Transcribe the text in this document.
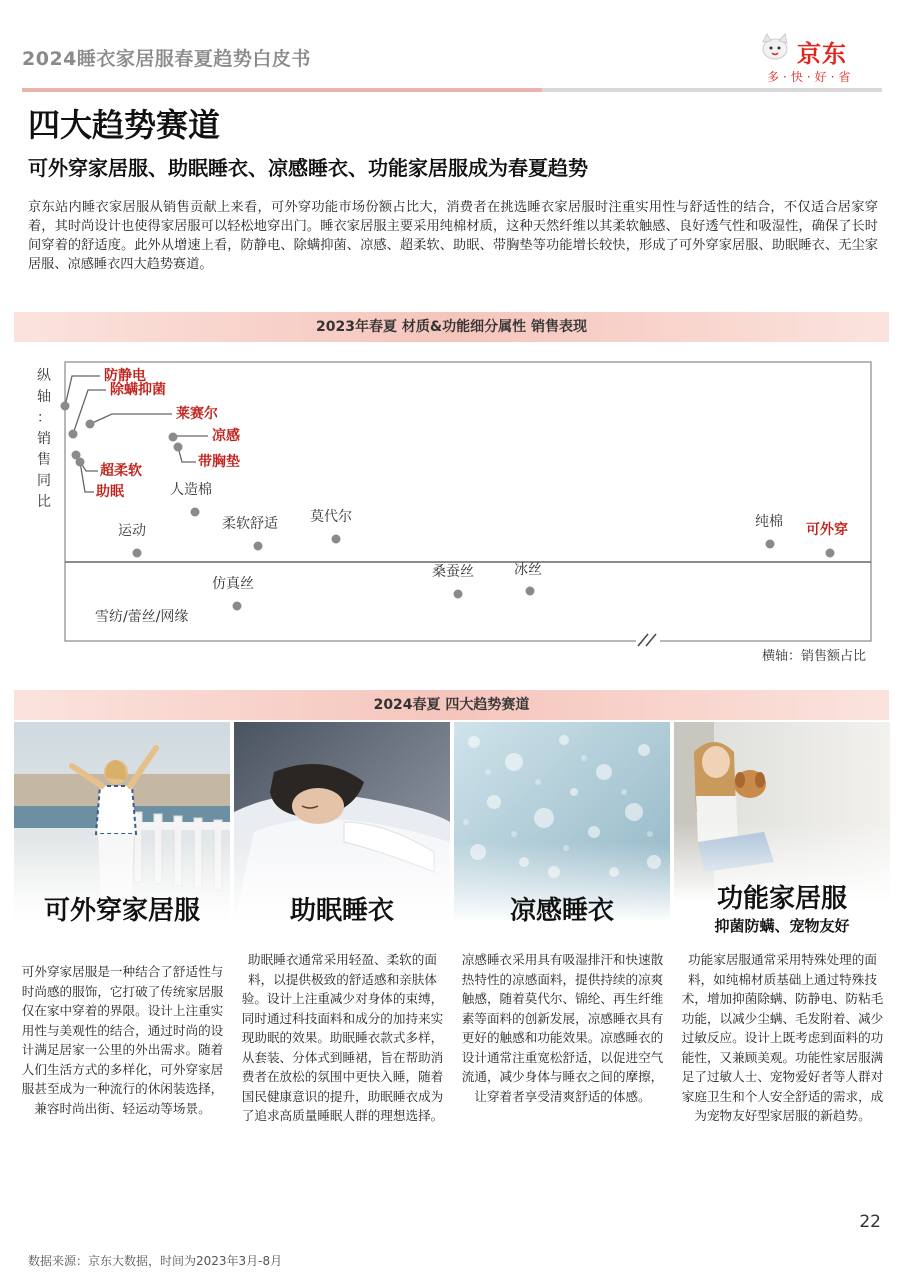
2024睡衣家居服春夏趋势白皮书	京东
多·快·好·省
四大趋势赛道
可外穿家居服、助眠睡衣、凉感睡衣、功能家居服成为春夏趋势
京东站内睡衣家居服从销售贡献上来看，可外穿功能市场份额占比大，消费者在挑选睡衣家居服时注重实用性与舒适性的结合，不仅适合居家穿着，其时尚设计也使得家居服可以轻松地穿出门。睡衣家居服主要采用纯棉材质，这种天然纤维以其柔软触感、良好透气性和吸湿性，确保了长时间穿着的舒适度。此外从增速上看，防静电、除螨抑菌、凉感、超柔软、助眠、带胸垫等功能增长较快，形成了可外穿家居服、助眠睡衣、无尘家居服、凉感睡衣四大趋势赛道。
2023年春夏 材质&功能细分属性 销售表现
防静电
除螨抑菌
莱赛尔
凉感
带胸垫
超柔软
助眠	人造棉
运动	柔软舒适 莫代尔	纯棉 可外穿
仿真丝
雪纺/蕾丝/网缘
桑蚕丝	冰丝
纵
轴
：
销
售
同
比
横轴：销售额占比
2024春夏 四大趋势赛道
可外穿家居服	助眠睡衣	凉感睡衣	功能家居服
抑菌防螨、宠物友好
可外穿家居服是一种结合了舒适性与时尚感的服饰，它打破了传统家居服仅在家中穿着的界限。设计上注重实用性与美观性的结合，通过时尚的设计满足居家一公里的外出需求。随着人们生活方式的多样化，可外穿家居服甚至成为一种流行的休闲装选择，兼容时尚出街、轻运动等场景。
助眠睡衣通常采用轻盈、柔软的面料，以提供极致的舒适感和亲肤体验。设计上注重减少对身体的束缚，同时通过科技面料和成分的加持来实现助眠的效果。助眠睡衣款式多样，从套装、分体式到睡裙，旨在帮助消费者在放松的氛围中更快入睡，随着国民健康意识的提升，助眠睡衣成为了追求高质量睡眠人群的理想选择。
凉感睡衣采用具有吸湿排汗和快速散热特性的凉感面料，提供持续的凉爽触感，随着莫代尔、锦纶、再生纤维素等面料的创新发展，凉感睡衣具有更好的触感和功能效果。凉感睡衣的设计通常注重宽松舒适，以促进空气流通，减少身体与睡衣之间的摩擦，让穿着者享受清爽舒适的体感。
功能家居服通常采用特殊处理的面料，如纯棉材质基础上通过特殊技术，增加抑菌除螨、防静电、防粘毛功能，以减少尘螨、毛发附着、减少过敏反应。设计上既考虑到面料的功能性，又兼顾美观。功能性家居服满足了过敏人士、宠物爱好者等人群对家庭卫生和个人安全舒适的需求，成为宠物友好型家居服的新趋势。
22
数据来源：京东大数据，时间为2023年3月-8月
